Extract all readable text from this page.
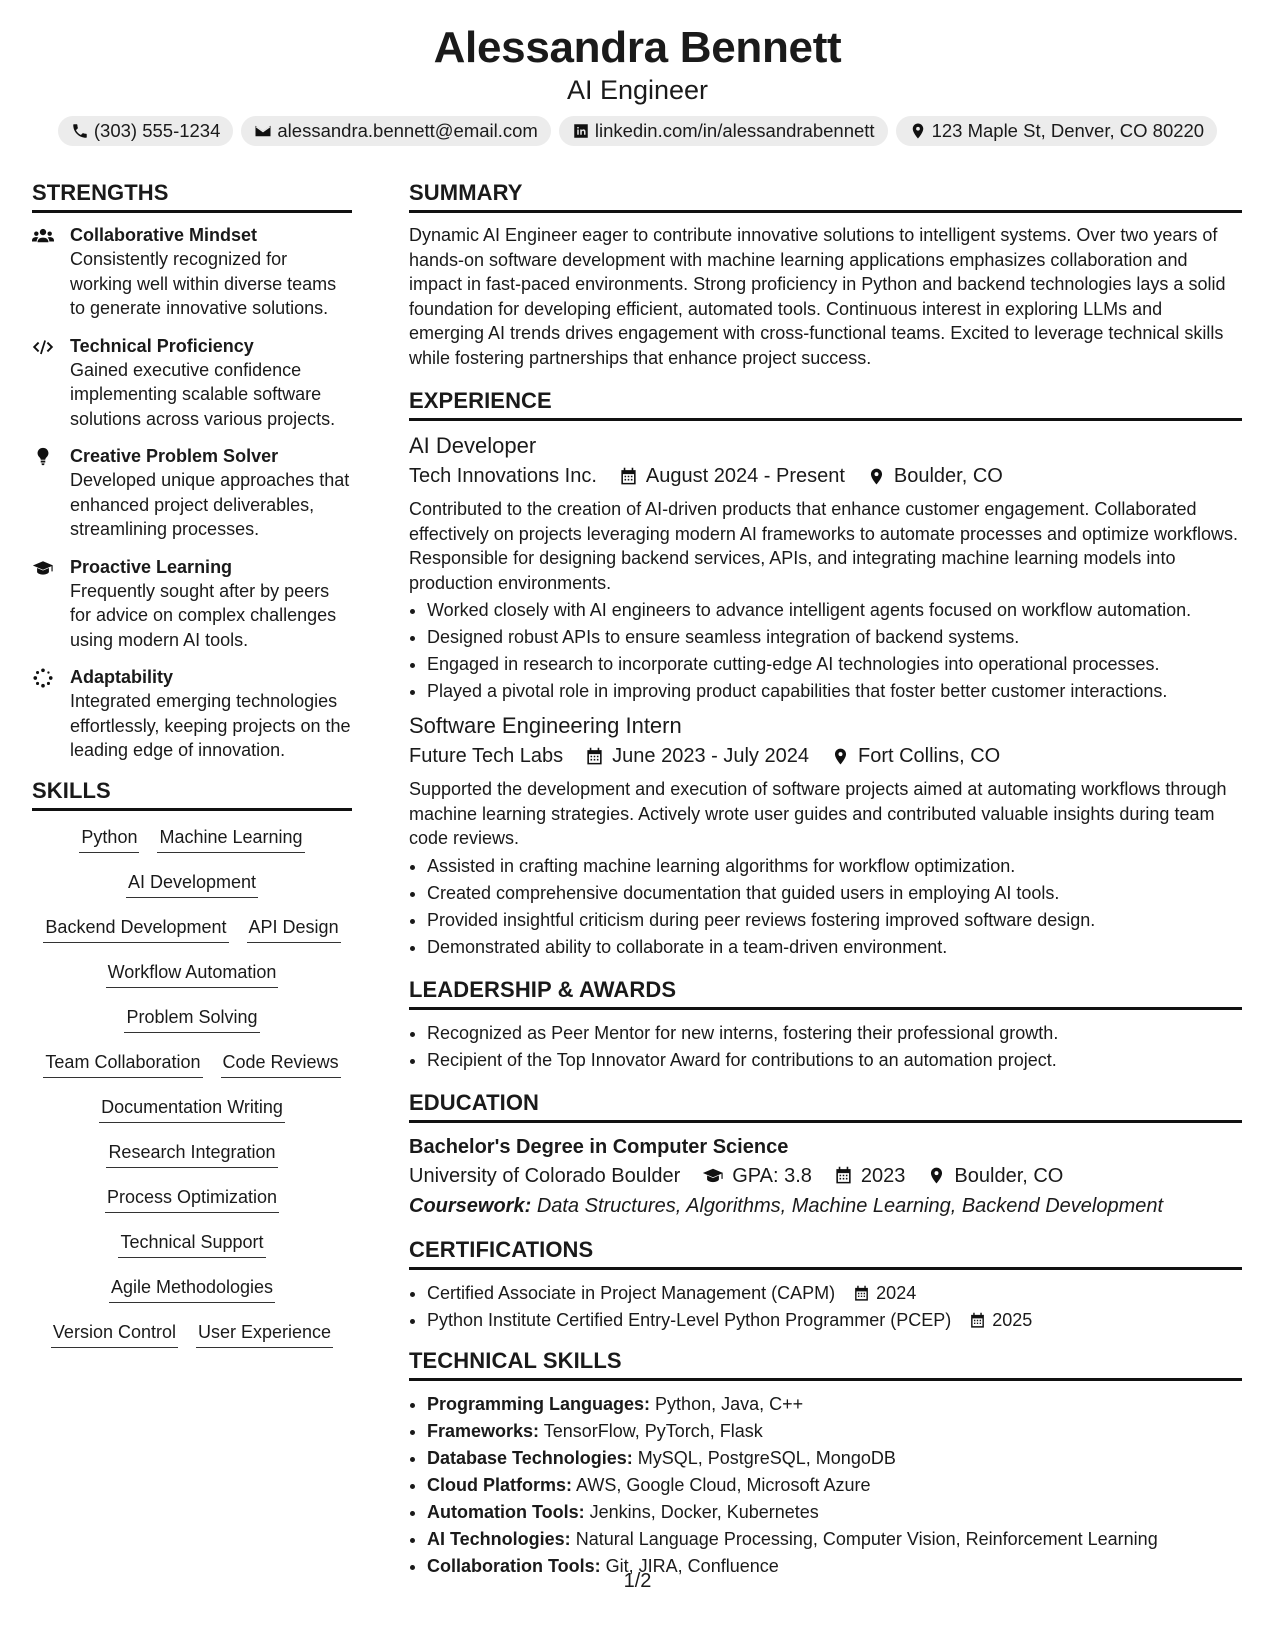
Alessandra Bennett
AI Engineer
(303) 555-1234	alessandra.bennett@email.com	linkedin.com/in/alessandrabennett	123 Maple St, Denver, CO 80220
STRENGTHS
Collaborative Mindset
Consistently recognized for working well within diverse teams to generate innovative solutions.
Technical Proficiency
Gained executive confidence implementing scalable software solutions across various projects.
Creative Problem Solver
Developed unique approaches that enhanced project deliverables, streamlining processes.
Proactive Learning
Frequently sought after by peers for advice on complex challenges using modern AI tools.
Adaptability
Integrated emerging technologies effortlessly, keeping projects on the leading edge of innovation.
SKILLS
Python Machine Learning
AI Development
Backend Development API Design
Workflow Automation
Problem Solving
Team Collaboration Code Reviews
Documentation Writing
Research Integration
Process Optimization
Technical Support
Agile Methodologies
Version Control User Experience
SUMMARY
Dynamic AI Engineer eager to contribute innovative solutions to intelligent systems. Over two years of hands-on software development with machine learning applications emphasizes collaboration and impact in fast-paced environments. Strong proficiency in Python and backend technologies lays a solid foundation for developing efficient, automated tools. Continuous interest in exploring LLMs and emerging AI trends drives engagement with cross-functional teams. Excited to leverage technical skills while fostering partnerships that enhance project success.
EXPERIENCE
AI Developer
Tech Innovations Inc. August 2024 - Present Boulder, CO
Contributed to the creation of AI-driven products that enhance customer engagement. Collaborated effectively on projects leveraging modern AI frameworks to automate processes and optimize workflows. Responsible for designing backend services, APIs, and integrating machine learning models into production environments.
• Worked closely with AI engineers to advance intelligent agents focused on workflow automation.
• Designed robust APIs to ensure seamless integration of backend systems.
• Engaged in research to incorporate cutting-edge AI technologies into operational processes.
• Played a pivotal role in improving product capabilities that foster better customer interactions.
Software Engineering Intern
Future Tech Labs June 2023 - July 2024 Fort Collins, CO
Supported the development and execution of software projects aimed at automating workflows through machine learning strategies. Actively wrote user guides and contributed valuable insights during team code reviews.
• Assisted in crafting machine learning algorithms for workflow optimization.
• Created comprehensive documentation that guided users in employing AI tools.
• Provided insightful criticism during peer reviews fostering improved software design.
• Demonstrated ability to collaborate in a team-driven environment.
LEADERSHIP & AWARDS
• Recognized as Peer Mentor for new interns, fostering their professional growth.
• Recipient of the Top Innovator Award for contributions to an automation project.
EDUCATION
Bachelor's Degree in Computer Science
University of Colorado Boulder	GPA: 3.8 2023 Boulder, CO
Coursework: Data Structures, Algorithms, Machine Learning, Backend Development
CERTIFICATIONS
• Certified Associate in Project Management (CAPM) 2024
• Python Institute Certified Entry-Level Python Programmer (PCEP) 2025
TECHNICAL SKILLS
• Programming Languages: Python, Java, C++
• Frameworks: TensorFlow, PyTorch, Flask
• Database Technologies: MySQL, PostgreSQL, MongoDB
• Cloud Platforms: AWS, Google Cloud, Microsoft Azure
• Automation Tools: Jenkins, Docker, Kubernetes
• AI Technologies: Natural Language Processing, Computer Vision, Reinforcement Learning
• Collaboration Tools: Git, JIRA, Confluence
1/2
